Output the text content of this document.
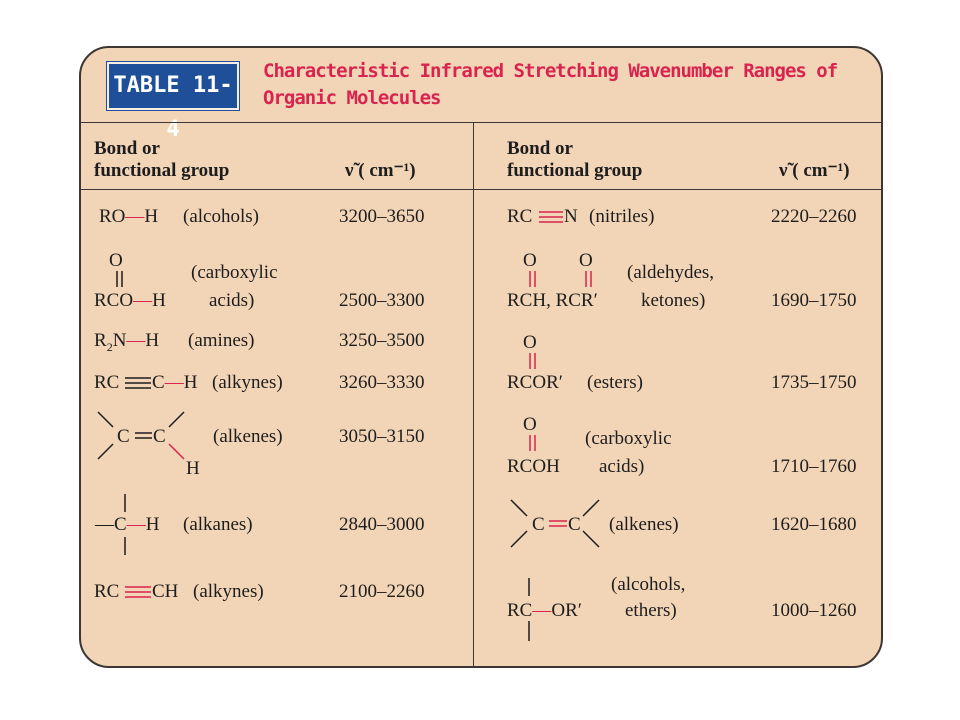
TABLE 11-4
Characteristic Infrared Stretching Wavenumber Ranges of
Organic Molecules
Bond or
functional group	ν̃ ( cm⁻¹)
Bond or
functional group	ν̃ ( cm⁻¹)
RO—H (alcohols)	3200–3650
O
RCO—H
(carboxylic
acids)	2500–3300
$R_2N—H$ (amines)	3250–3500
RC C—H (alkynes)	3260–3330
C C
H
(alkenes)	3050–3150
—C—H (alkanes)	2840–3000
RC CH (alkynes)	2100–2260
RC N (nitriles)	2220–2260
O O
RCH, RCR′
(aldehydes,
ketones)	1690–1750
O
RCOR′ (esters)	1735–1750
O
RCOH
(carboxylic
acids)	1710–1760
C C (alkenes)	1620–1680
RC—OR′
(alcohols,
ethers)	1000–1260
